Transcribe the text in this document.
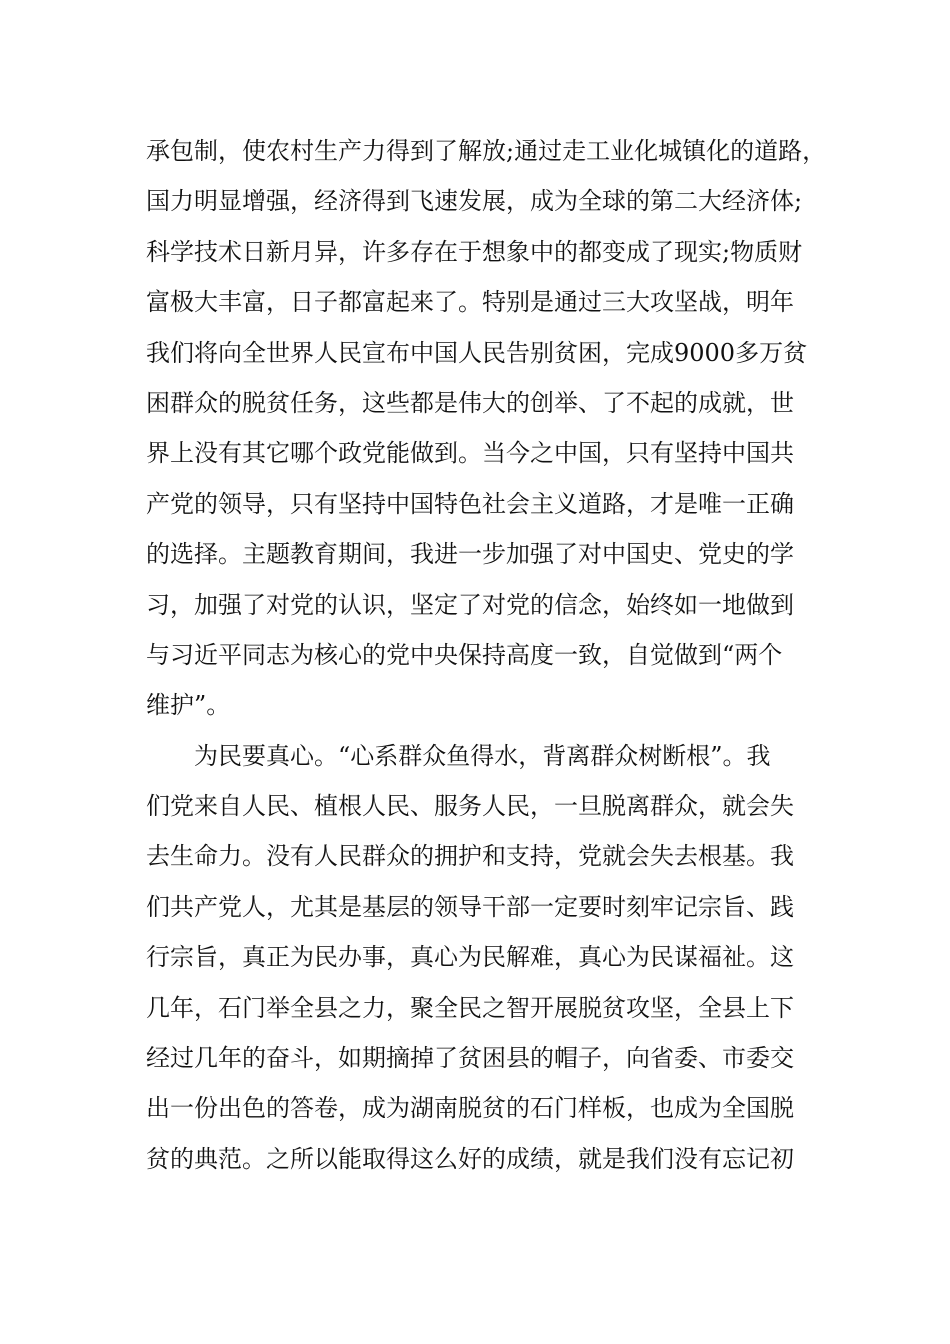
承包制，使农村生产力得到了解放;通过走工业化城镇化的道路，
国力明显增强，经济得到飞速发展，成为全球的第二大经济体;
科学技术日新月异，许多存在于想象中的都变成了现实;物质财
富极大丰富，日子都富起来了。特别是通过三大攻坚战，明年
我们将向全世界人民宣布中国人民告别贫困，完成9000多万贫
困群众的脱贫任务，这些都是伟大的创举、了不起的成就，世
界上没有其它哪个政党能做到。当今之中国，只有坚持中国共
产党的领导，只有坚持中国特色社会主义道路，才是唯一正确
的选择。主题教育期间，我进一步加强了对中国史、党史的学
习，加强了对党的认识，坚定了对党的信念，始终如一地做到
与习近平同志为核心的党中央保持高度一致，自觉做到“两个
维护”。
为民要真心。“心系群众鱼得水，背离群众树断根”。我
们党来自人民、植根人民、服务人民，一旦脱离群众，就会失
去生命力。没有人民群众的拥护和支持，党就会失去根基。我
们共产党人，尤其是基层的领导干部一定要时刻牢记宗旨、践
行宗旨，真正为民办事，真心为民解难，真心为民谋福祉。这
几年，石门举全县之力，聚全民之智开展脱贫攻坚，全县上下
经过几年的奋斗，如期摘掉了贫困县的帽子，向省委、市委交
出一份出色的答卷，成为湖南脱贫的石门样板，也成为全国脱
贫的典范。之所以能取得这么好的成绩，就是我们没有忘记初
